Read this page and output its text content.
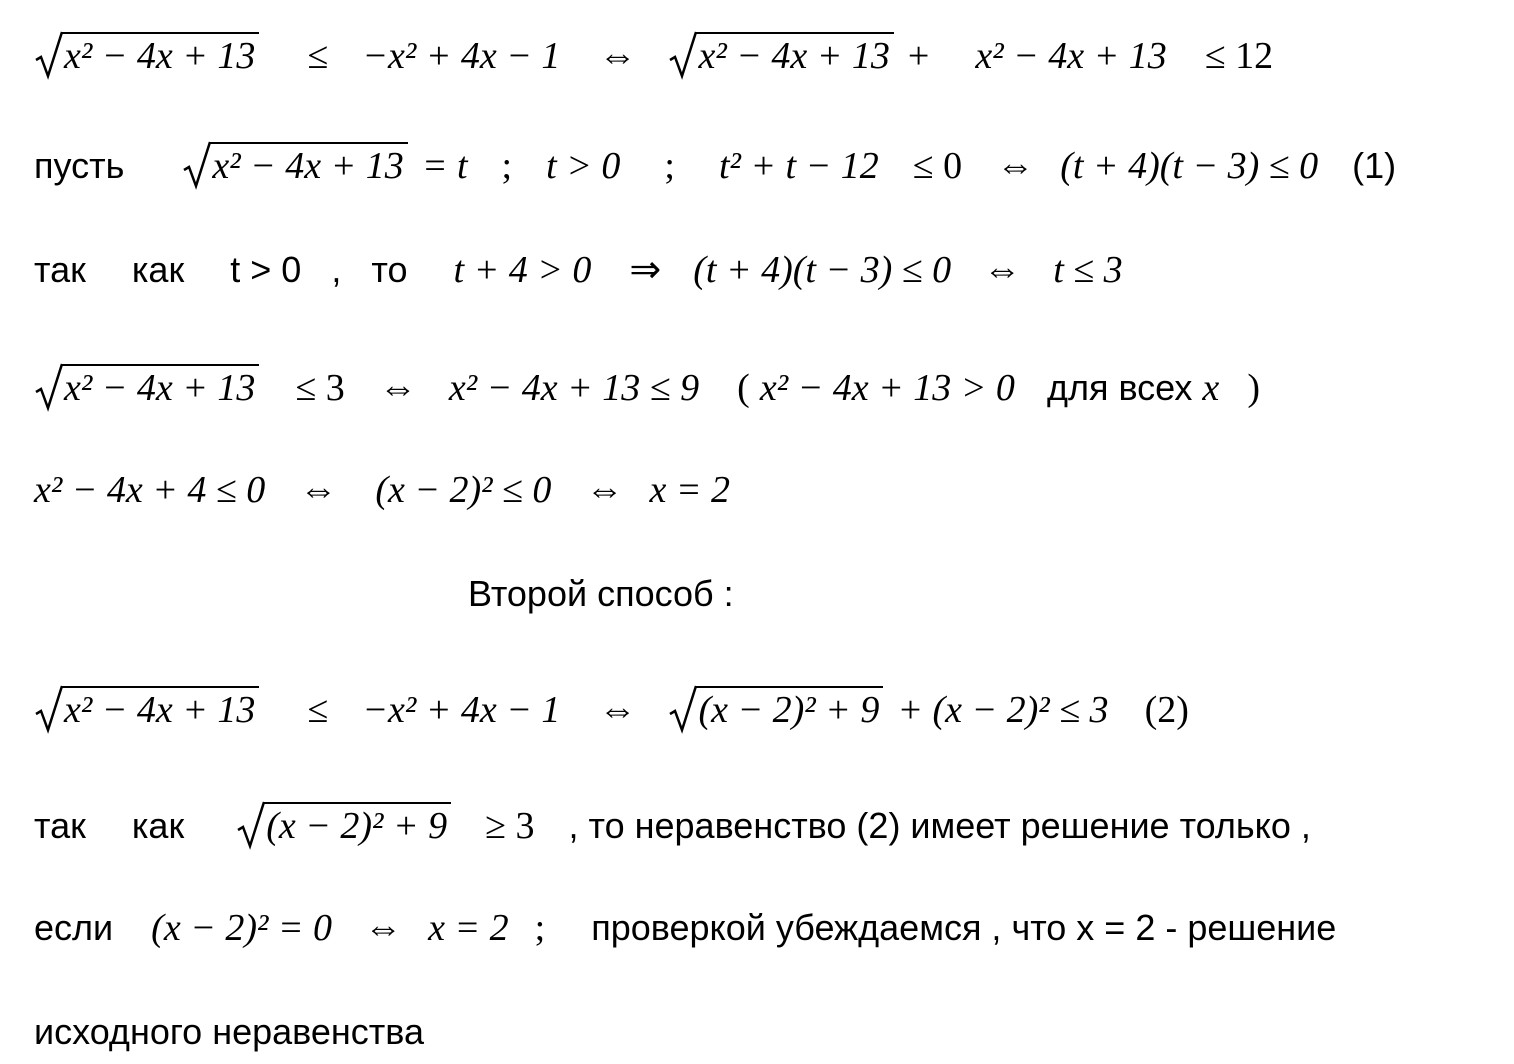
x² − 4x + 13 ≤ −x² + 4x − 1 ⇔ x² − 4x + 13 + x² − 4x + 13 ≤ 12
пусть x² − 4x + 13 = t ; t > 0 ; t² + t − 12 ≤ 0 ⇔ (t + 4)(t − 3) ≤ 0 (1)
так как t > 0 , то t + 4 > 0 ⇒ (t + 4)(t − 3) ≤ 0 ⇔ t ≤ 3
x² − 4x + 13 ≤ 3 ⇔ x² − 4x + 13 ≤ 9 ( x² − 4x + 13 > 0 для всех x )
x² − 4x + 4 ≤ 0 ⇔ (x − 2)² ≤ 0 ⇔ x = 2
Второй способ :
x² − 4x + 13 ≤ −x² + 4x − 1 ⇔ (x − 2)² + 9 + (x − 2)² ≤ 3 (2)
так как (x − 2)² + 9 ≥ 3 , то неравенство (2) имеет решение только ,
если (x − 2)² = 0 ⇔ x = 2 ; проверкой убеждаемся , что x = 2 - решение
исходного неравенства
